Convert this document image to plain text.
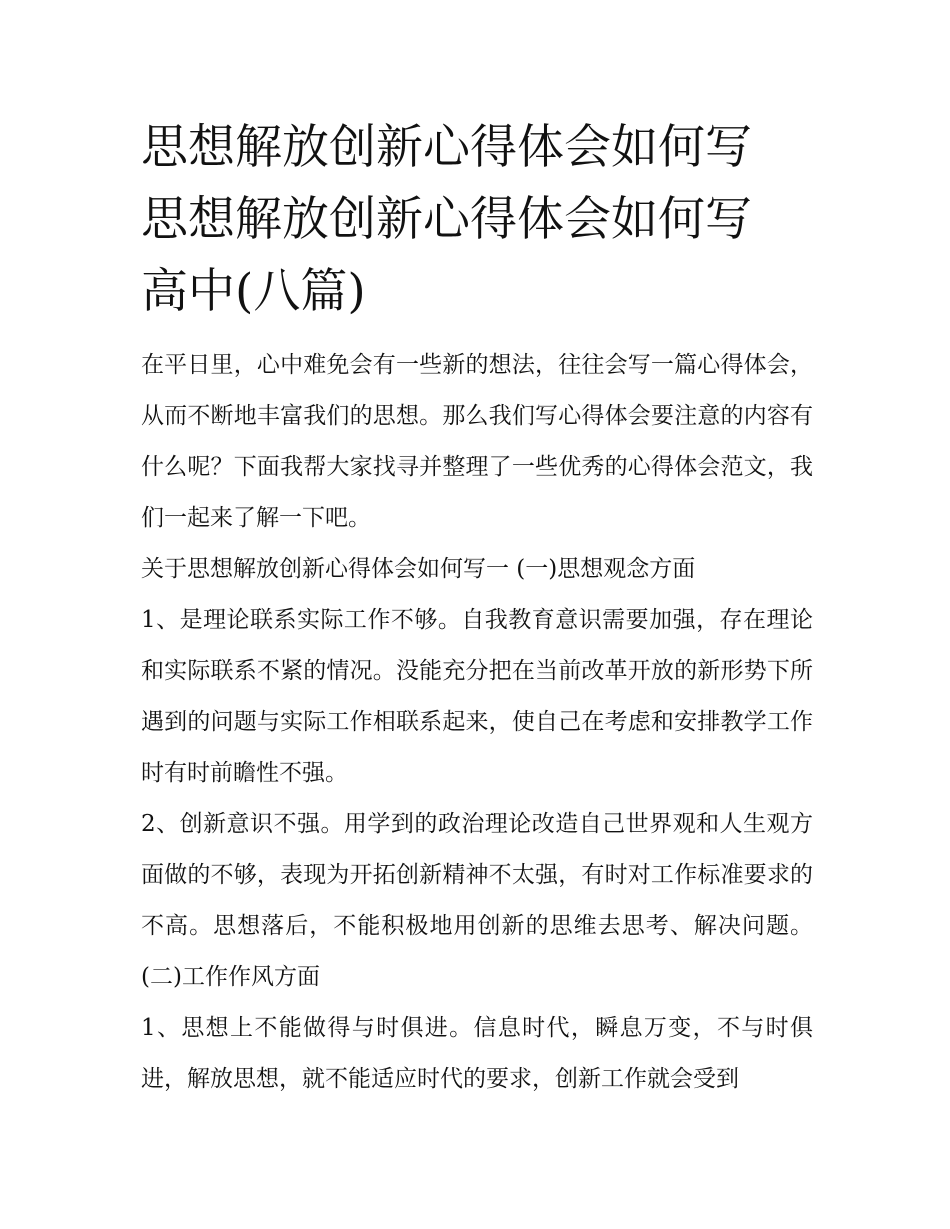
思想解放创新心得体会如何写
思想解放创新心得体会如何写
高中(八篇)

在平日里，心中难免会有一些新的想法，往往会写一篇心得体会，从而不断地丰富我们的思想。那么我们写心得体会要注意的内容有什么呢？下面我帮大家找寻并整理了一些优秀的心得体会范文，我们一起来了解一下吧。

关于思想解放创新心得体会如何写一 (一)思想观念方面

1、是理论联系实际工作不够。自我教育意识需要加强，存在理论和实际联系不紧的情况。没能充分把在当前改革开放的新形势下所遇到的问题与实际工作相联系起来，使自己在考虑和安排教学工作时有时前瞻性不强。

2、创新意识不强。用学到的政治理论改造自己世界观和人生观方面做的不够，表现为开拓创新精神不太强，有时对工作标准要求的不高。思想落后，不能积极地用创新的思维去思考、解决问题。(二)工作作风方面

1、思想上不能做得与时俱进。信息时代，瞬息万变，不与时俱进，解放思想，就不能适应时代的要求，创新工作就会受到
